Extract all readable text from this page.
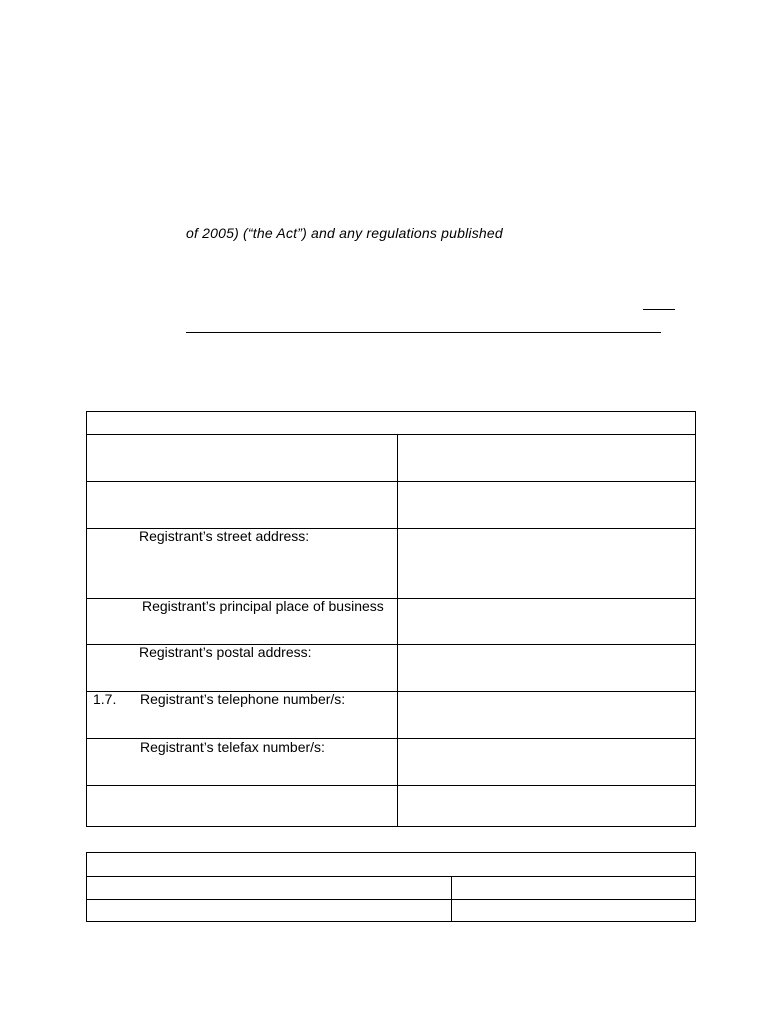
of 2005) (“the Act”) and any regulations published
Registrant’s street address:
Registrant’s principal place of business
Registrant’s postal address:
1.7. Registrant’s telephone number/s:
Registrant’s telefax number/s:
